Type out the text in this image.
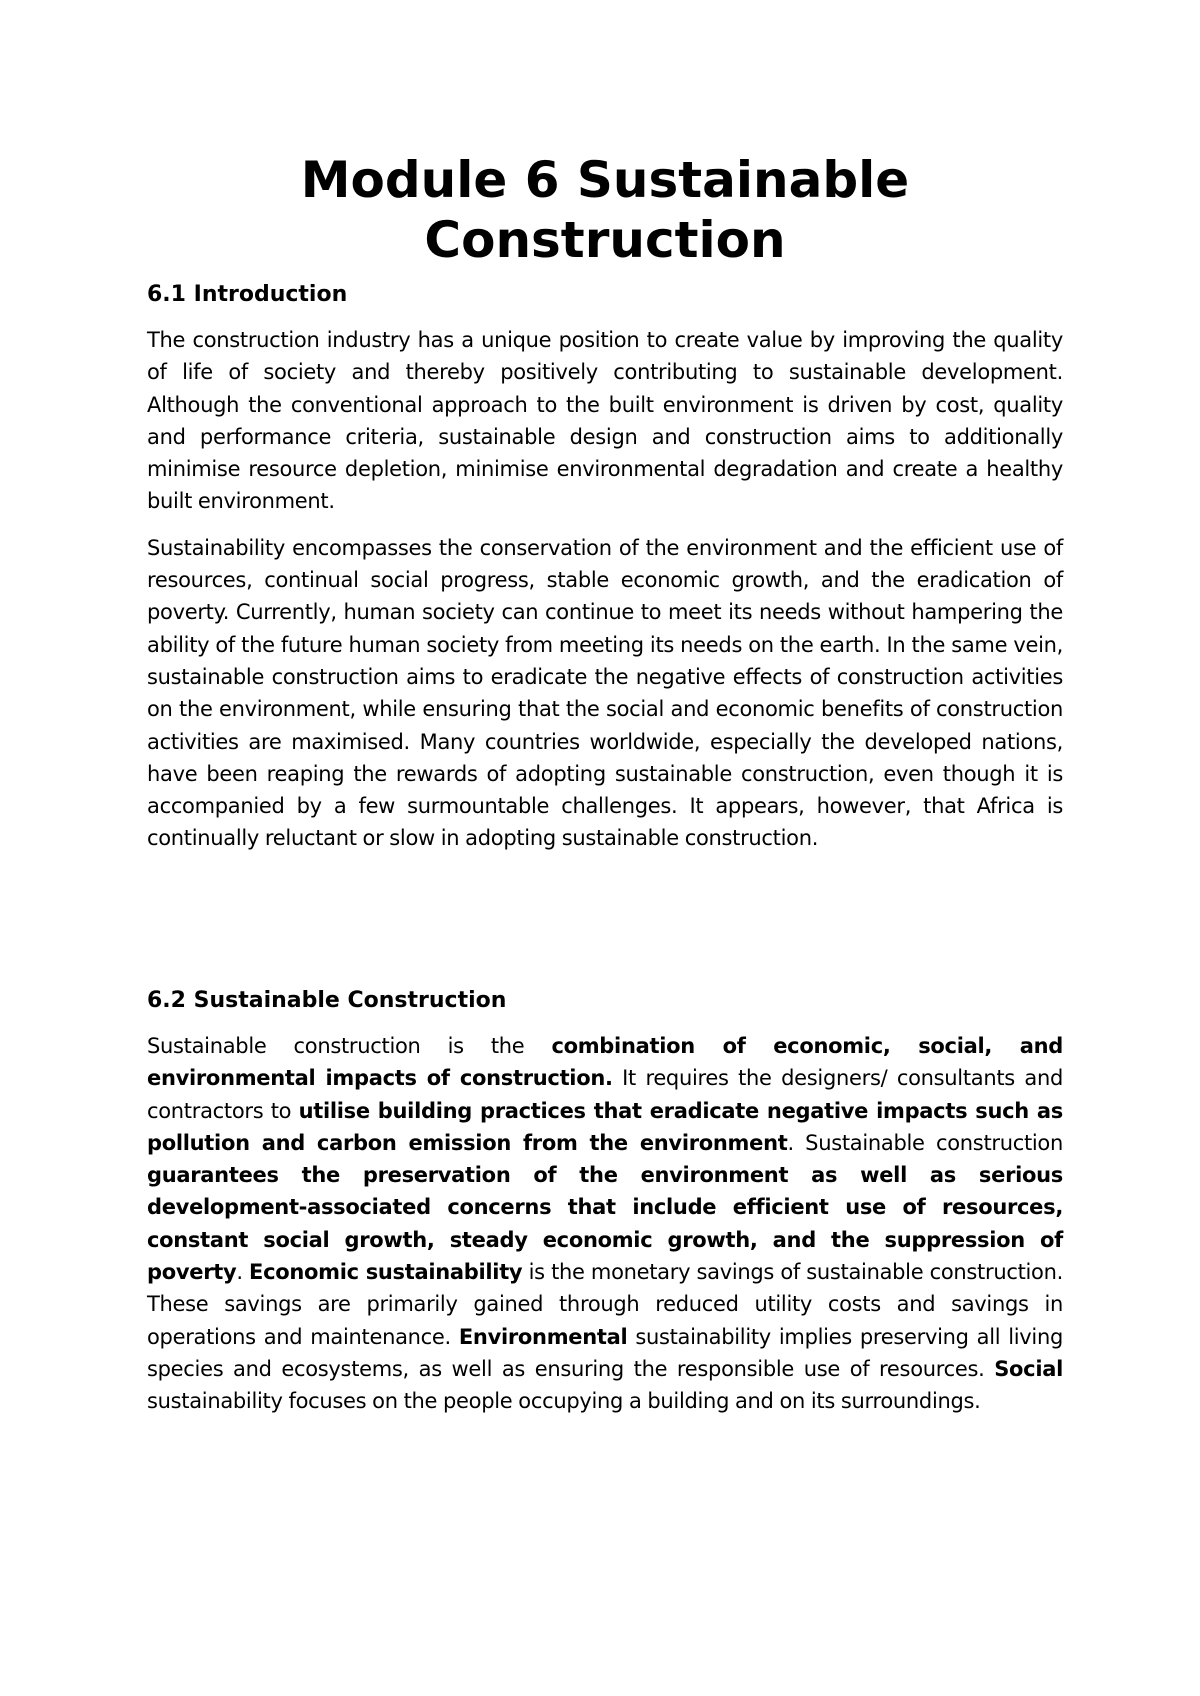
Module 6 Sustainable Construction
6.1 Introduction

The construction industry has a unique position to create value by improving the quality of life of society and thereby positively contributing to sustainable development. Although the conventional approach to the built environment is driven by cost, quality and performance criteria, sustainable design and construction aims to additionally minimise resource depletion, minimise environmental degradation and create a healthy built environment.

Sustainability encompasses the conservation of the environment and the efficient use of resources, continual social progress, stable economic growth, and the eradication of poverty. Currently, human society can continue to meet its needs without hampering the ability of the future human society from meeting its needs on the earth. In the same vein, sustainable construction aims to eradicate the negative effects of construction activities on the environment, while ensuring that the social and economic benefits of construction activities are maximised. Many countries worldwide, especially the developed nations, have been reaping the rewards of adopting sustainable construction, even though it is accompanied by a few surmountable challenges. It appears, however, that Africa is continually reluctant or slow in adopting sustainable construction.

6.2 Sustainable Construction

Sustainable construction is the combination of economic, social, and environmental impacts of construction. It requires the designers/ consultants and contractors to utilise building practices that eradicate negative impacts such as pollution and carbon emission from the environment. Sustainable construction guarantees the preservation of the environment as well as serious development-associated concerns that include efficient use of resources, constant social growth, steady economic growth, and the suppression of poverty. Economic sustainability is the monetary savings of sustainable construction. These savings are primarily gained through reduced utility costs and savings in operations and maintenance. Environmental sustainability implies preserving all living species and ecosystems, as well as ensuring the responsible use of resources. Social sustainability focuses on the people occupying a building and on its surroundings.
